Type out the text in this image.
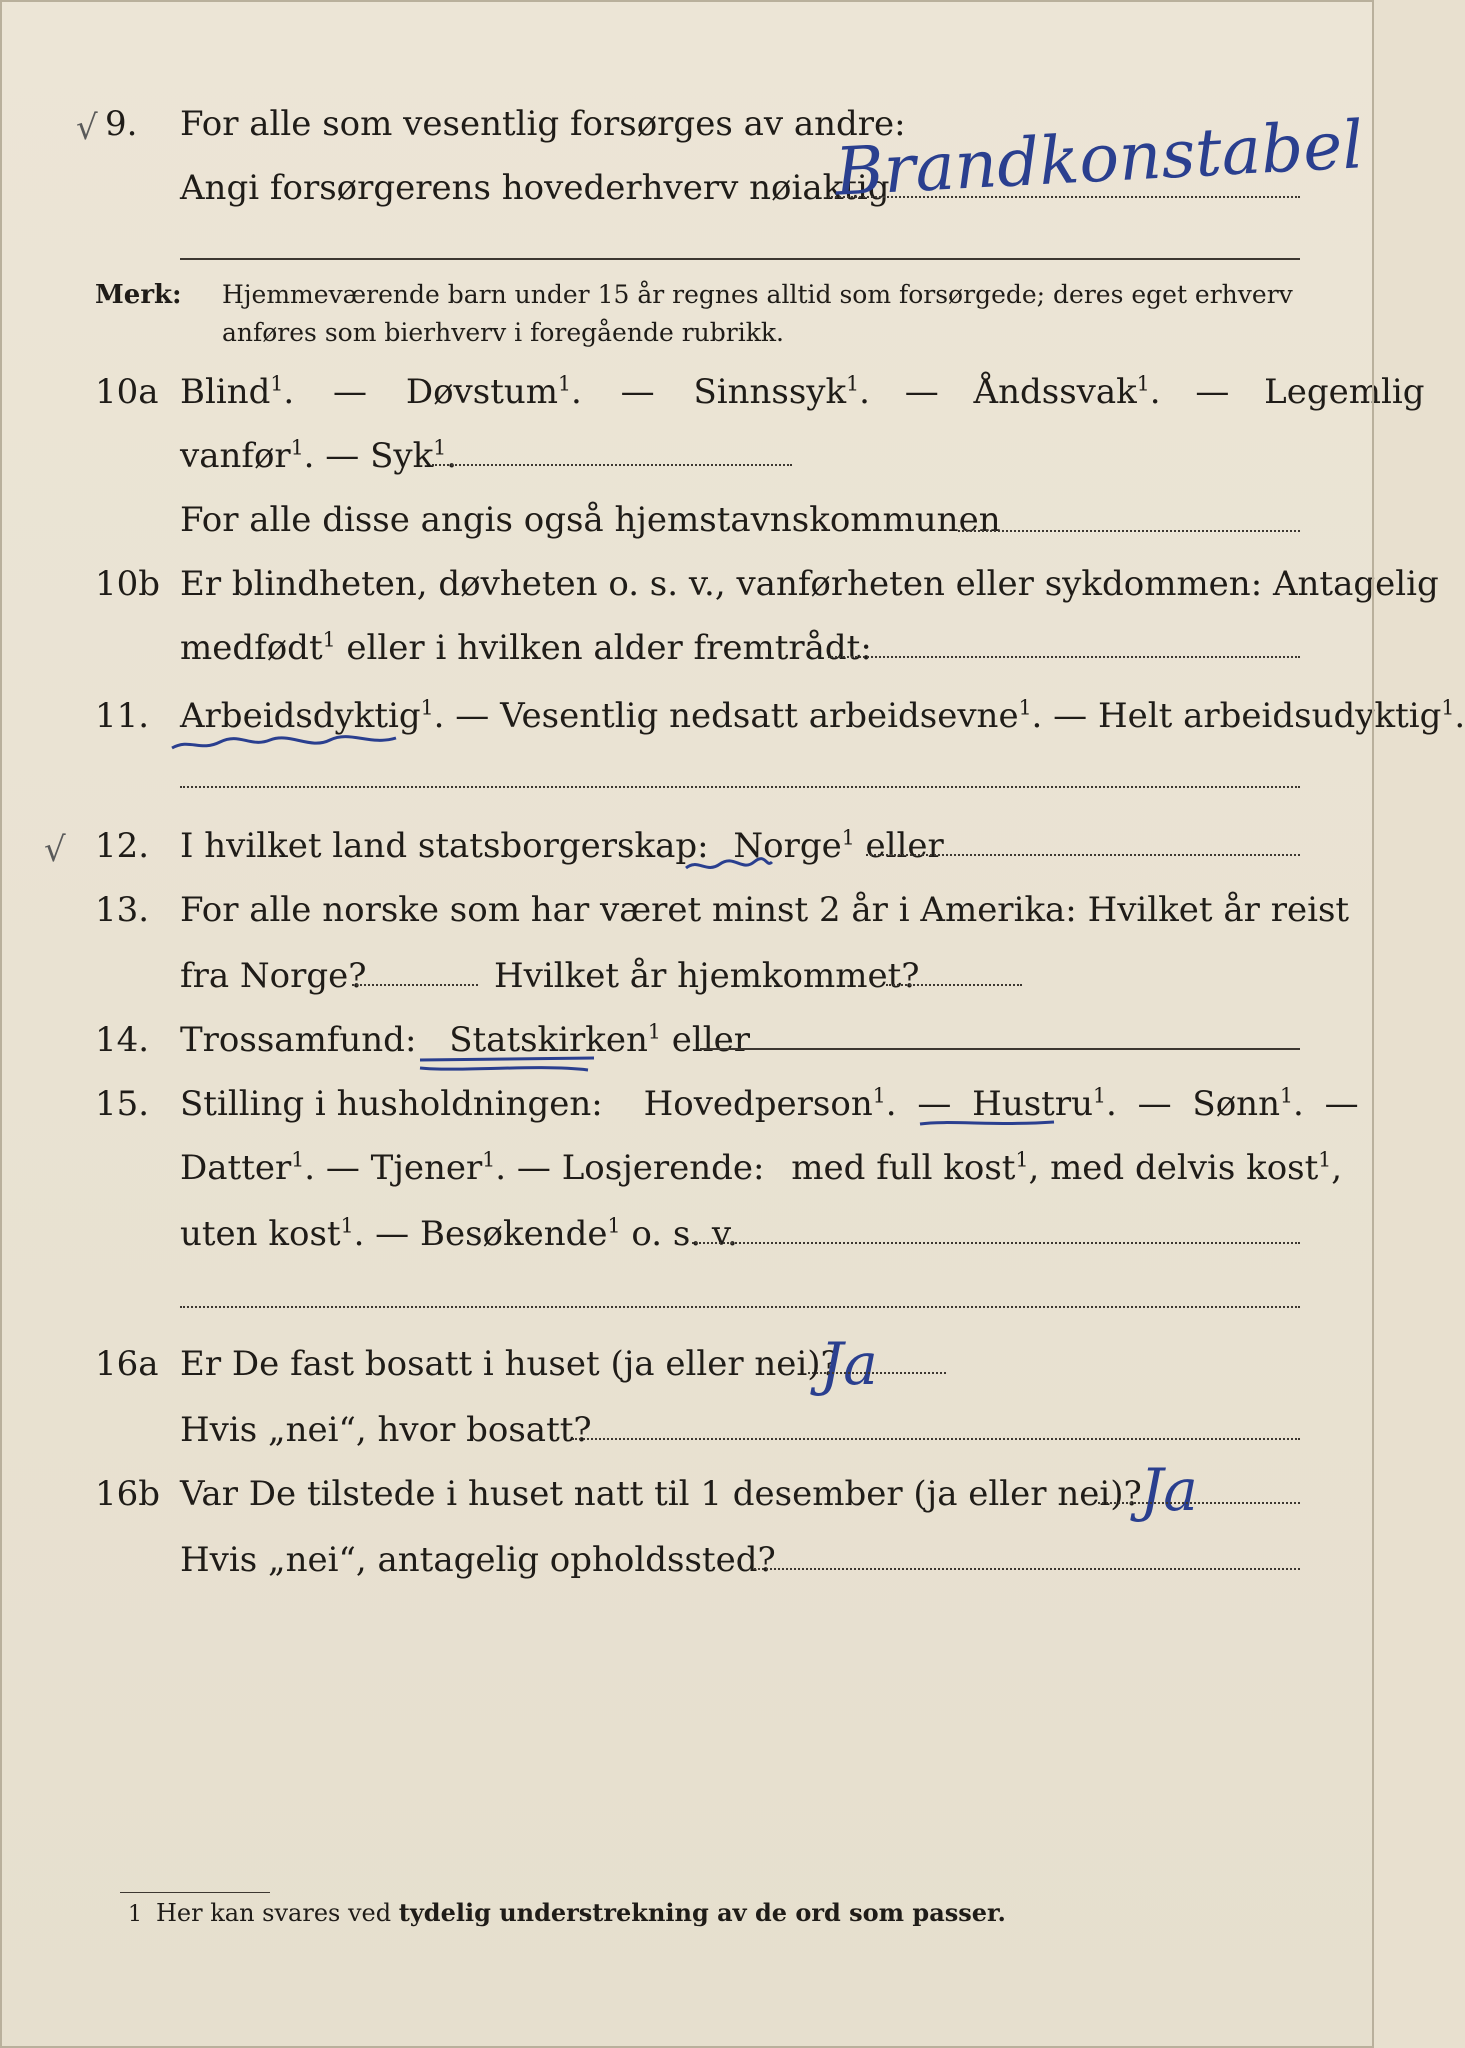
√ 9. For alle som vesentlig forsørges av andre:
Angi forsørgerens hovederhverv nøiaktig
Brandkonstabel
Merk: Hjemmeværende barn under 15 år regnes alltid som forsørgede; deres eget erhverv
anføres som bierhverv i foregående rubrikk.
10a Blind$^1$. — Døvstum$^1$. — Sinnssyk$^1$. — Åndssvak$^1$. — Legemlig
vanfør$^1$. — Syk$^1$.
For alle disse angis også hjemstavnskommunen
10b Er blindheten, døvheten o. s. v., vanførheten eller sykdommen: Antagelig
medfødt$^1$ eller i hvilken alder fremtrådt:
11. Arbeidsdyktig$^1$. — Vesentlig nedsatt arbeidsevne$^1$. — Helt arbeidsudyktig$^1$.
√ 12. I hvilket land statsborgerskap: Norge$^1$ eller
13. For alle norske som har været minst 2 år i Amerika: Hvilket år reist
fra Norge?	Hvilket år hjemkommet?
14. Trossamfund: Statskirken$^1$ eller
15. Stilling i husholdningen: Hovedperson$^1$. — Hustru$^1$. — Sønn$^1$. —
Datter$^1$. — Tjener$^1$. — Losjerende: med full kost$^1$, med delvis kost$^1$,
uten kost$^1$. — Besøkende$^1$ o. s. v.
16a Er De fast bosatt i huset (ja eller nei)?
Ja
Hvis „nei“, hvor bosatt?
16b Var De tilstede i huset natt til 1 desember (ja eller nei)?
Ja
Hvis „nei“, antagelig opholdssted?
1 Her kan svares ved tydelig understrekning av de ord som passer.
